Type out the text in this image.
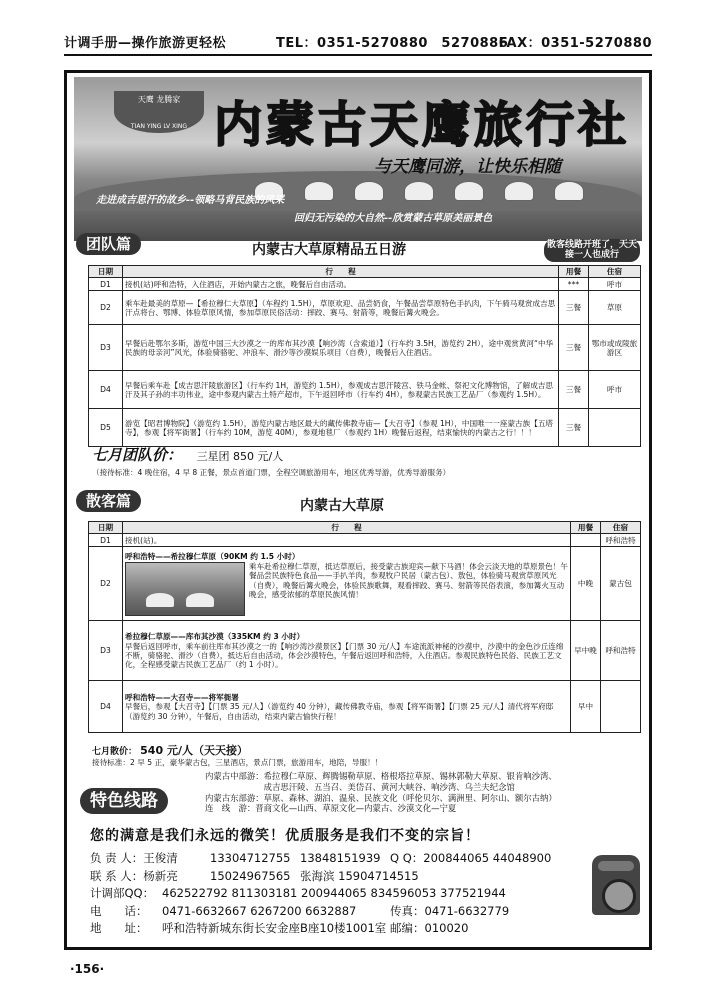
计调手册—操作旅游更轻松	TEL：0351-5270880　5270886
FAX：0351-5270880
天鹰 龙腾家
TIAN YING LV XING 内蒙古天鹰旅行社
与天鹰同游，让快乐相随
走进成吉思汗的故乡--领略马背民族的风采
回归无污染的大自然--欣赏蒙古草原美丽景色
团队篇	内蒙古大草原精品五日游	散客线路开班了，天天接一人也成行
日期	行　　程	用餐	住宿
D1	接机(站)呼和浩特，入住酒店，开始内蒙古之旅，晚餐后自由活动。	***	呼市
D2	乘车赴最美的草原—【希拉穆仁大草原】（车程约 1.5H），草原欢迎、品尝奶食，午餐品尝草原特色手扒肉，下午骑马观赏成吉思汗点将台、鄂博、体验草原风情，参加草原民俗活动：摔跤、赛马、射箭等，晚餐后篝火晚会。	三餐	草原
D3	早餐后赴鄂尔多斯，游览中国三大沙漠之一的库布其沙漠【响沙湾（含索道）】（行车约 3.5H，游览约 2H），途中观赏黄河“中华民族的母亲河”风光，体验骑骆驼、冲浪车、滑沙等沙漠娱乐项目（自费），晚餐后入住酒店。	三餐	鄂市或成陵旅游区
D4	早餐后乘车赴【成吉思汗陵旅游区】（行车约 1H，游览约 1.5H），参观成吉思汗陵宫、铁马金帐、祭祀文化博物馆，了解成吉思汗及其子孙的丰功伟业，途中参观内蒙古土特产超市，下午返回呼市（行车约 4H），参观蒙古民族工艺品厂（参观约 1.5H）。	三餐	呼市
D5	游览【昭君博物院】（游览约 1.5H），游览内蒙古地区最大的藏传佛教寺庙—【大召寺】（参观 1H），中国唯一一座蒙古族【五塔寺】，参观【将军衙署】（行车约 10M，游览 40M），参观地毯厂（参观约 1H）晚餐后返程，结束愉快的内蒙古之行！！！	三餐	
七月团队价： 三星团 850 元/人
（接待标准：4 晚住宿，4 早 8 正餐，景点首道门票，全程空调旅游用车，地区优秀导游，优秀导游服务）
散客篇	内蒙古大草原
日期	行　　程	用餐	住宿
D1	接机(站)。		呼和浩特
D2	呼和浩特——希拉穆仁草原（90KM 约 1.5 小时）
乘车赴希拉穆仁草原，抵达草原后，接受蒙古族迎宾—献下马酒！体会云淡天地的草原景色！午餐品尝民族特色食品——手扒羊肉，参观牧户民居（蒙古包）、敖包，体验骑马观赏草原风光（自费），晚餐后篝火晚会，体验民族歌舞，观看摔跤、赛马、射箭等民俗表演，参加篝火互动晚会，感受浓郁的草原民族风情！	中晚	蒙古包
D3	希拉穆仁草原——库布其沙漠（335KM 约 3 小时）
早餐后返回呼市，乘车前往库布其沙漠之一的【响沙湾沙漠景区】【门票 30 元/人】车途流派神秘的沙漠中，沙漠中的金色沙丘连绵不断，骑骆驼、滑沙（自费），抵达后自由活动，体会沙漠特色，午餐后返回呼和浩特，入住酒店。参观民族特色民俗、民族工艺文化，全程感受蒙古民族工艺品厂（约 1 小时）。	早中晚	呼和浩特
D4	呼和浩特——大召寺——将军衙署
早餐后，参观【大召寺】【门票 35 元/人】（游览约 40 分钟），藏传佛教寺庙，参观【将军衙署】【门票 25 元/人】清代将军府邸（游览约 30 分钟），午餐后，自由活动，结束内蒙古愉快行程！	早中	
七月散价： 540 元/人（天天接）
接待标准：2 早 5 正，豪华蒙古包，三星酒店，景点门票，旅游用车，地陪，导服！！
特色线路
内蒙古中部游：希拉穆仁草原、辉腾锡勒草原、格根塔拉草原、锡林郭勒大草原、银肯响沙湾、
　　　　　　　成吉思汗陵、五当召、美岱召、黄河大峡谷、响沙湾、乌兰夫纪念馆
内蒙古东部游：草原、森林、湖泊、温泉、民族文化（呼伦贝尔、满洲里、阿尔山、额尔古纳）
连　线　游：晋商文化—山西、草原文化—内蒙古、沙漠文化—宁夏
您的满意是我们永远的微笑！优质服务是我们不变的宗旨！
负 责 人：王俊清	13304712755 13848151939 Q Q：200844065 44048900
联 系 人：杨新亮	15024967565 张海滨 15904714515
计调部QQ： 462522792 811303181 200944065 834596053 377521944
电　　话： 0471-6632667 6267200 6632887	传真：0471-6632779
地　　址： 呼和浩特新城东街长安金座B座10楼1001室 邮编：010020
·156·
